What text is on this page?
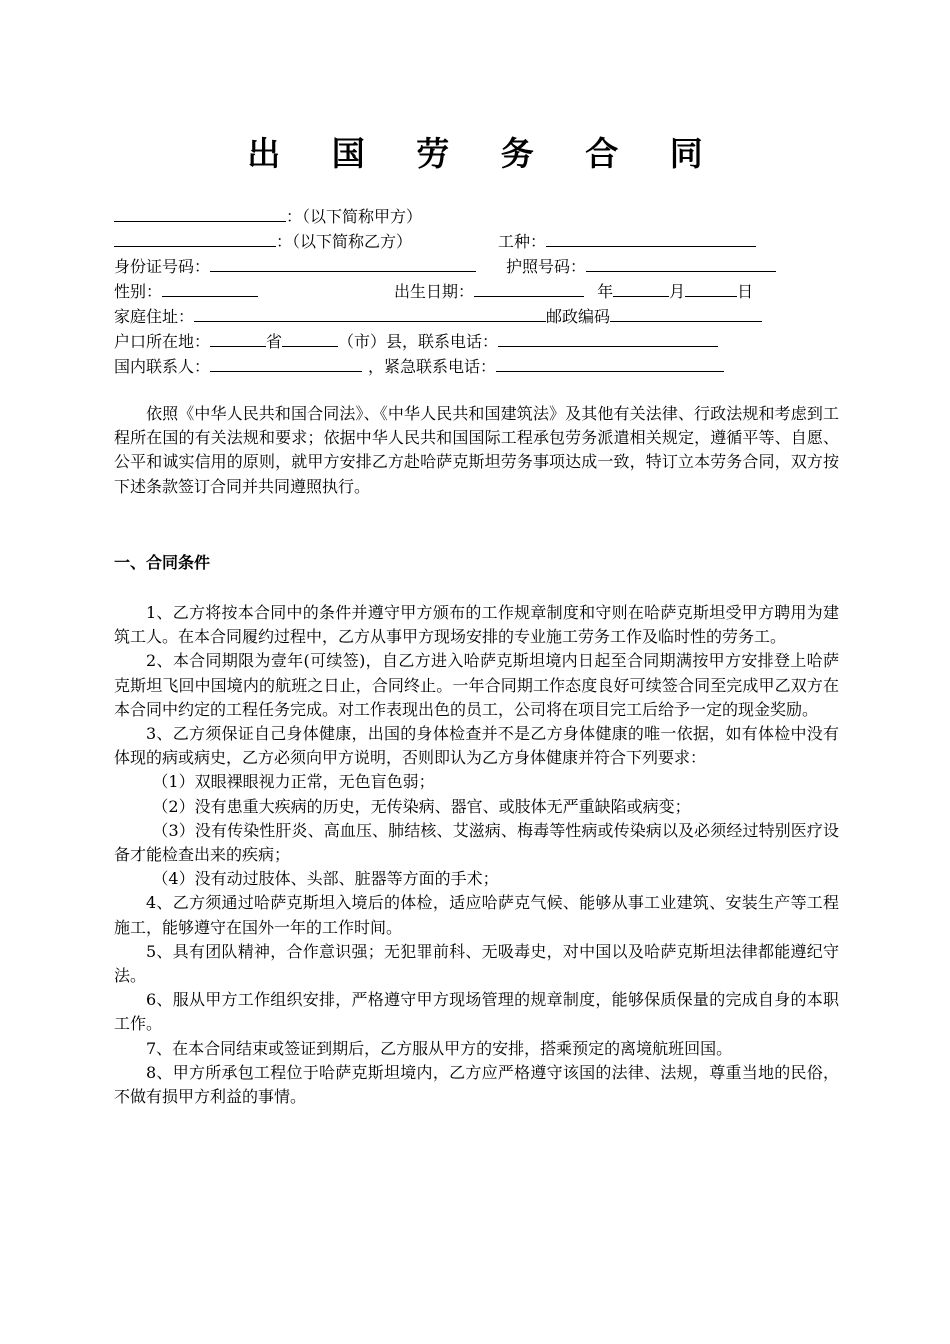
出 国 劳 务 合 同
：（以下简称甲方）
：（以下简称乙方）	工种：
身份证号码：	护照号码：
性别：	出生日期：	年	月	日
家庭住址：	邮政编码
户口所在地：	省	（市）县，联系电话：
国内联系人：	，紧急联系电话：

依照《中华人民共和国合同法》、《中华人民共和国建筑法》及其他有关法律、行政法规和考虑到工程所在国的有关法规和要求；依据中华人民共和国国际工程承包劳务派遣相关规定，遵循平等、自愿、公平和诚实信用的原则，就甲方安排乙方赴哈萨克斯坦劳务事项达成一致，特订立本劳务合同，双方按下述条款签订合同并共同遵照执行。

一、合同条件

1、乙方将按本合同中的条件并遵守甲方颁布的工作规章制度和守则在哈萨克斯坦受甲方聘用为建筑工人。在本合同履约过程中，乙方从事甲方现场安排的专业施工劳务工作及临时性的劳务工。

2、本合同期限为壹年(可续签)，自乙方进入哈萨克斯坦境内日起至合同期满按甲方安排登上哈萨克斯坦飞回中国境内的航班之日止，合同终止。一年合同期工作态度良好可续签合同至完成甲乙双方在本合同中约定的工程任务完成。对工作表现出色的员工，公司将在项目完工后给予一定的现金奖励。

3、乙方须保证自己身体健康，出国的身体检查并不是乙方身体健康的唯一依据，如有体检中没有体现的病或病史，乙方必须向甲方说明，否则即认为乙方身体健康并符合下列要求：

（1）双眼裸眼视力正常，无色盲色弱；

（2）没有患重大疾病的历史，无传染病、器官、或肢体无严重缺陷或病变；

（3）没有传染性肝炎、高血压、肺结核、艾滋病、梅毒等性病或传染病以及必须经过特别医疗设备才能检查出来的疾病；

（4）没有动过肢体、头部、脏器等方面的手术；

4、乙方须通过哈萨克斯坦入境后的体检，适应哈萨克气候、能够从事工业建筑、安装生产等工程施工，能够遵守在国外一年的工作时间。

5、具有团队精神，合作意识强；无犯罪前科、无吸毒史，对中国以及哈萨克斯坦法律都能遵纪守法。

6、服从甲方工作组织安排，严格遵守甲方现场管理的规章制度，能够保质保量的完成自身的本职工作。

7、在本合同结束或签证到期后，乙方服从甲方的安排，搭乘预定的离境航班回国。

8、甲方所承包工程位于哈萨克斯坦境内，乙方应严格遵守该国的法律、法规，尊重当地的民俗，不做有损甲方利益的事情。
